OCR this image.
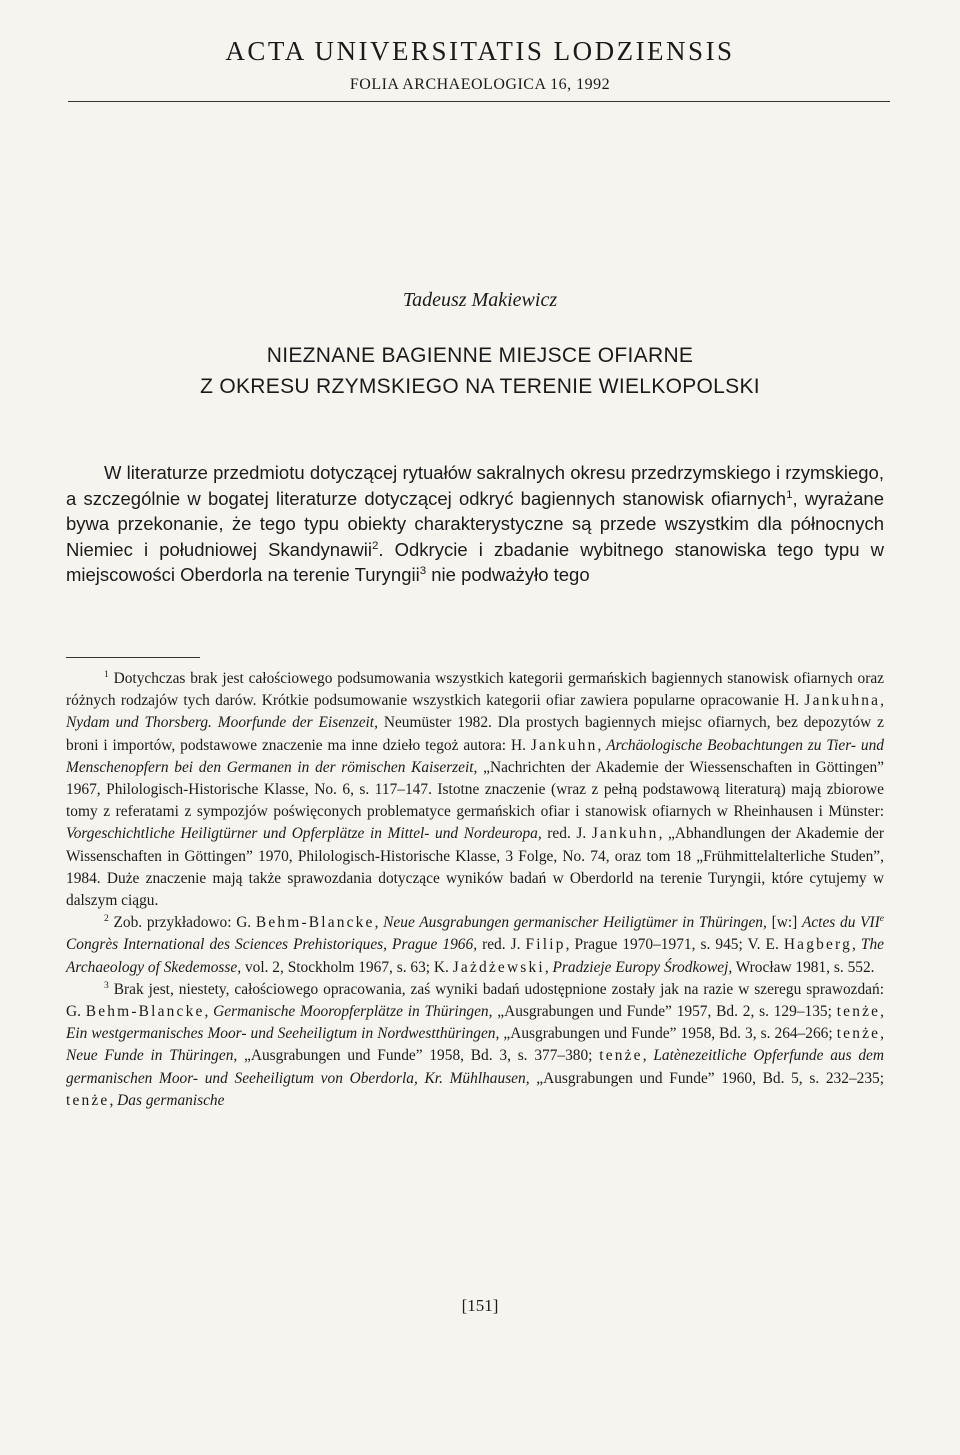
ACTA UNIVERSITATIS LODZIENSIS
FOLIA ARCHAEOLOGICA 16, 1992
Tadeusz Makiewicz
NIEZNANE BAGIENNE MIEJSCE OFIARNE
Z OKRESU RZYMSKIEGO NA TERENIE WIELKOPOLSKI

W literaturze przedmiotu dotyczącej rytuałów sakralnych okresu przedrzymskiego i rzymskiego, a szczególnie w bogatej literaturze dotyczącej odkryć bagiennych stanowisk ofiarnych$^1$, wyrażane bywa przekonanie, że tego typu obiekty charakterystyczne są przede wszystkim dla północnych Niemiec i południowej Skandynawii$^2$. Odkrycie i zbadanie wybitnego stanowiska tego typu w miejscowości Oberdorla na terenie Turyngii$^3$ nie podważyło tego

$^1$ Dotychczas brak jest całościowego podsumowania wszystkich kategorii germańskich bagiennych stanowisk ofiarnych oraz różnych rodzajów tych darów. Krótkie podsumowanie wszystkich kategorii ofiar zawiera popularne opracowanie H. Jankuhna, Nydam und Thorsberg. Moorfunde der Eisenzeit, Neumüster 1982. Dla prostych bagiennych miejsc ofiarnych, bez depozytów z broni i importów, podstawowe znaczenie ma inne dzieło tegoż autora: H. Jankuhn, Archäologische Beobachtungen zu Tier- und Menschenopfern bei den Germanen in der römischen Kaiserzeit, „Nachrichten der Akademie der Wiessenschaften in Göttingen” 1967, Philologisch-Historische Klasse, No. 6, s. 117–147. Istotne znaczenie (wraz z pełną podstawową literaturą) mają zbiorowe tomy z referatami z sympozjów poświęconych problematyce germańskich ofiar i stanowisk ofiarnych w Rheinhausen i Münster: Vorgeschichtliche Heiligtürner und Opferplätze in Mittel- und Nordeuropa, red. J. Jankuhn, „Abhandlungen der Akademie der Wissenschaften in Göttingen” 1970, Philologisch-Historische Klasse, 3 Folge, No. 74, oraz tom 18 „Frühmittelalterliche Studen”, 1984. Duże znaczenie mają także sprawozdania dotyczące wyników badań w Oberdorld na terenie Turyngii, które cytujemy w dalszym ciągu.

$^2$ Zob. przykładowo: G. Behm-Blancke, Neue Ausgrabungen germanischer Heiligtümer in Thüringen, [w:] Actes du VIIe Congrès International des Sciences Prehistoriques, Prague 1966, red. J. Filip, Prague 1970–1971, s. 945; V. E. Hagberg, The Archaeology of Skedemosse, vol. 2, Stockholm 1967, s. 63; K. Jażdżewski, Pradzieje Europy Środkowej, Wrocław 1981, s. 552.

$^3$ Brak jest, niestety, całościowego opracowania, zaś wyniki badań udostępnione zostały jak na razie w szeregu sprawozdań: G. Behm-Blancke, Germanische Mooropferplätze in Thüringen, „Ausgrabungen und Funde” 1957, Bd. 2, s. 129–135; tenże, Ein westgermanisches Moor- und Seeheiligtum in Nordwestthüringen, „Ausgrabungen und Funde” 1958, Bd. 3, s. 264–266; tenże, Neue Funde in Thüringen, „Ausgrabungen und Funde” 1958, Bd. 3, s. 377–380; tenże, Latènezeitliche Opferfunde aus dem germanischen Moor- und Seeheiligtum von Oberdorla, Kr. Mühlhausen, „Ausgrabungen und Funde” 1960, Bd. 5, s. 232–235; tenże, Das germanische

[151]
